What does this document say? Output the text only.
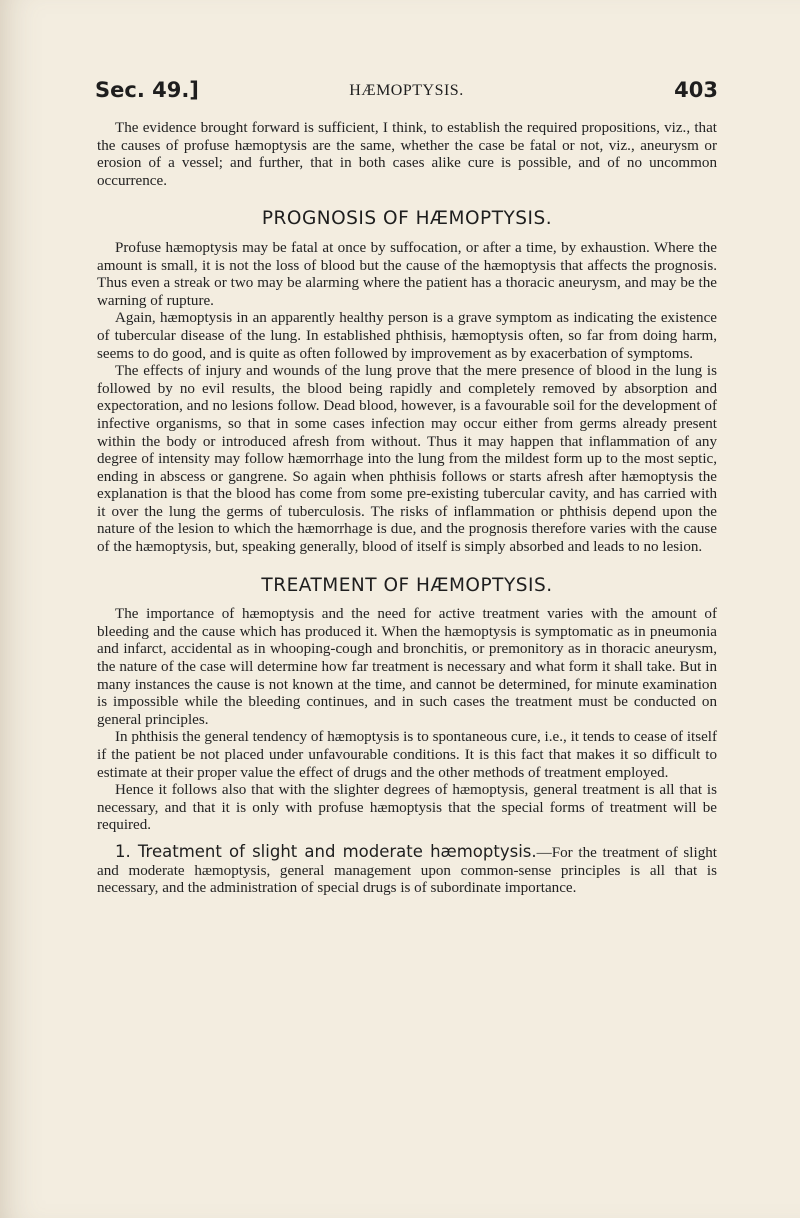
Sec. 49.]	HÆMOPTYSIS.	403

The evidence brought forward is sufficient, I think, to establish the required propositions, viz., that the causes of profuse hæmoptysis are the same, whether the case be fatal or not, viz., aneurysm or erosion of a vessel; and further, that in both cases alike cure is possible, and of no uncommon occurrence.

PROGNOSIS OF HÆMOPTYSIS.

Profuse hæmoptysis may be fatal at once by suffocation, or after a time, by exhaustion. Where the amount is small, it is not the loss of blood but the cause of the hæmoptysis that affects the prognosis. Thus even a streak or two may be alarming where the patient has a thoracic aneurysm, and may be the warning of rupture.

Again, hæmoptysis in an apparently healthy person is a grave symptom as indicating the existence of tubercular disease of the lung. In established phthisis, hæmoptysis often, so far from doing harm, seems to do good, and is quite as often followed by improvement as by exacerbation of symptoms.

The effects of injury and wounds of the lung prove that the mere presence of blood in the lung is followed by no evil results, the blood being rapidly and completely removed by absorption and expectoration, and no lesions follow. Dead blood, however, is a favourable soil for the development of infective organisms, so that in some cases infection may occur either from germs already present within the body or introduced afresh from without. Thus it may happen that inflammation of any degree of intensity may follow hæmorrhage into the lung from the mildest form up to the most septic, ending in abscess or gangrene. So again when phthisis follows or starts afresh after hæmoptysis the explanation is that the blood has come from some pre-existing tubercular cavity, and has carried with it over the lung the germs of tuberculosis. The risks of inflammation or phthisis depend upon the nature of the lesion to which the hæmorrhage is due, and the prognosis therefore varies with the cause of the hæmoptysis, but, speaking generally, blood of itself is simply absorbed and leads to no lesion.

TREATMENT OF HÆMOPTYSIS.

The importance of hæmoptysis and the need for active treatment varies with the amount of bleeding and the cause which has produced it. When the hæmoptysis is symptomatic as in pneumonia and infarct, accidental as in whooping-cough and bronchitis, or premonitory as in thoracic aneurysm, the nature of the case will determine how far treatment is necessary and what form it shall take. But in many instances the cause is not known at the time, and cannot be determined, for minute examination is impossible while the bleeding continues, and in such cases the treatment must be conducted on general principles.

In phthisis the general tendency of hæmoptysis is to spontaneous cure, i.e., it tends to cease of itself if the patient be not placed under unfavourable conditions. It is this fact that makes it so difficult to estimate at their proper value the effect of drugs and the other methods of treatment employed.

Hence it follows also that with the slighter degrees of hæmoptysis, general treatment is all that is necessary, and that it is only with profuse hæmoptysis that the special forms of treatment will be required.

1. Treatment of slight and moderate hæmoptysis.—For the treatment of slight and moderate hæmoptysis, general management upon common-sense principles is all that is necessary, and the administration of special drugs is of subordinate importance.
